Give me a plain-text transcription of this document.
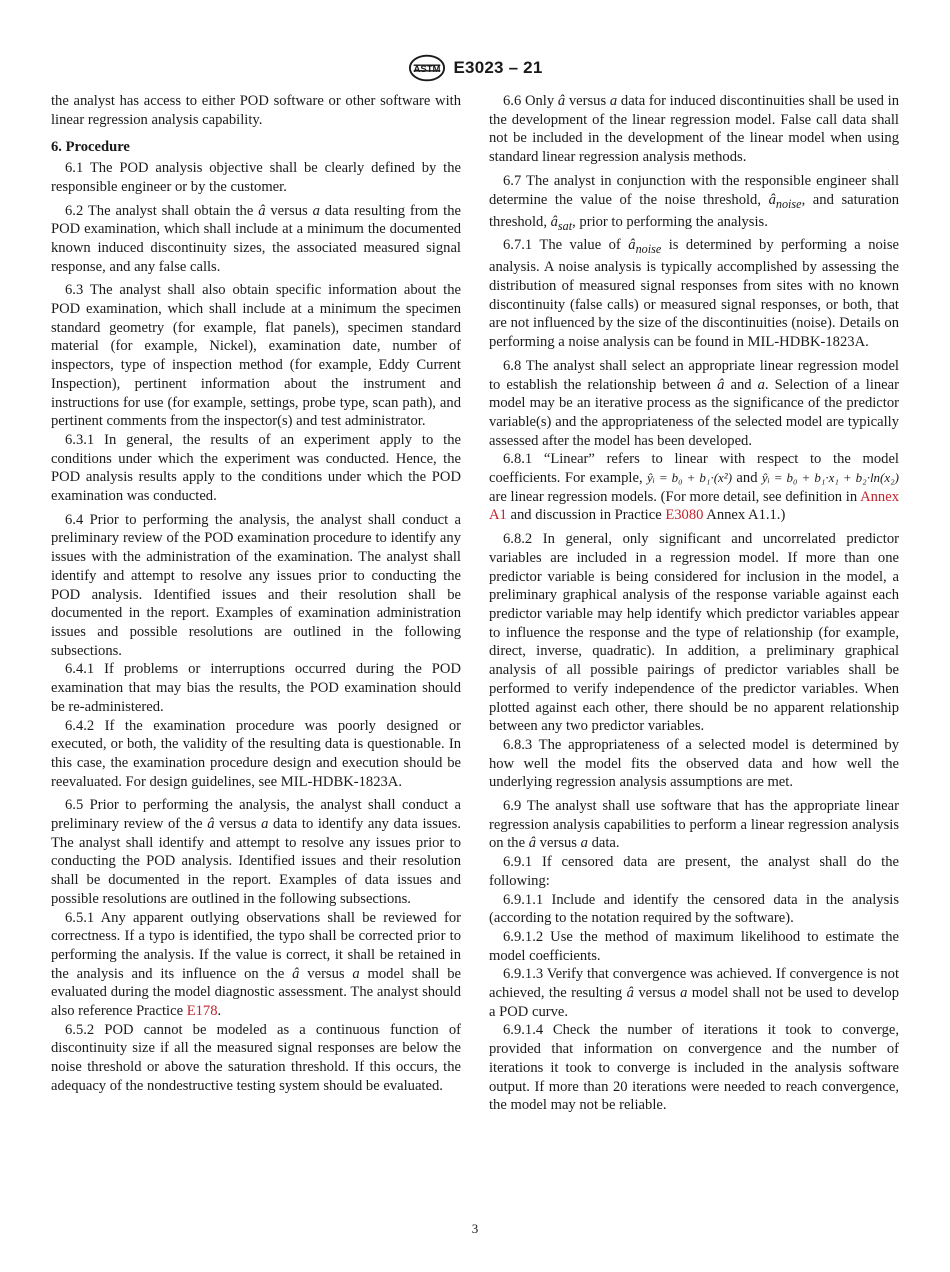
ASTM E3023 – 21

the analyst has access to either POD software or other software with linear regression analysis capability.

6. Procedure

6.1 The POD analysis objective shall be clearly defined by the responsible engineer or by the customer.

6.2 The analyst shall obtain the â versus a data resulting from the POD examination, which shall include at a minimum the documented known induced discontinuity sizes, the associated measured signal response, and any false calls.

6.3 The analyst shall also obtain specific information about the POD examination, which shall include at a minimum the specimen standard geometry (for example, flat panels), specimen standard material (for example, Nickel), examination date, number of inspectors, type of inspection method (for example, Eddy Current Inspection), pertinent information about the instrument and instructions for use (for example, settings, probe type, scan path), and pertinent comments from the inspector(s) and test administrator.

6.3.1 In general, the results of an experiment apply to the conditions under which the experiment was conducted. Hence, the POD analysis results apply to the conditions under which the POD examination was conducted.

6.4 Prior to performing the analysis, the analyst shall conduct a preliminary review of the POD examination procedure to identify any issues with the administration of the examination. The analyst shall identify and attempt to resolve any issues prior to conducting the POD analysis. Identified issues and their resolution shall be documented in the report. Examples of examination administration issues and possible resolutions are outlined in the following subsections.

6.4.1 If problems or interruptions occurred during the POD examination that may bias the results, the POD examination should be re-administered.

6.4.2 If the examination procedure was poorly designed or executed, or both, the validity of the resulting data is questionable. In this case, the examination procedure design and execution should be reevaluated. For design guidelines, see MIL-HDBK-1823A.

6.5 Prior to performing the analysis, the analyst shall conduct a preliminary review of the â versus a data to identify any data issues. The analyst shall identify and attempt to resolve any issues prior to conducting the POD analysis. Identified issues and their resolution shall be documented in the report. Examples of data issues and possible resolutions are outlined in the following subsections.

6.5.1 Any apparent outlying observations shall be reviewed for correctness. If a typo is identified, the typo shall be corrected prior to performing the analysis. If the value is correct, it shall be retained in the analysis and its influence on the â versus a model shall be evaluated during the model diagnostic assessment. The analyst should also reference Practice E178.

6.5.2 POD cannot be modeled as a continuous function of discontinuity size if all the measured signal responses are below the noise threshold or above the saturation threshold. If this occurs, the adequacy of the nondestructive testing system should be evaluated.

6.6 Only â versus a data for induced discontinuities shall be used in the development of the linear regression model. False call data shall not be included in the development of the linear model when using standard linear regression analysis methods.

6.7 The analyst in conjunction with the responsible engineer shall determine the value of the noise threshold, $â_{noise}$, and saturation threshold, $â_{sat}$, prior to performing the analysis.

6.7.1 The value of $â_{noise}$ is determined by performing a noise analysis. A noise analysis is typically accomplished by assessing the distribution of measured signal responses from sites with no known discontinuity (false calls) or measured signal responses, or both, that are not influenced by the size of the discontinuities (noise). Details on performing a noise analysis can be found in MIL-HDBK-1823A.

6.8 The analyst shall select an appropriate linear regression model to establish the relationship between â and a. Selection of a linear model may be an iterative process as the significance of the predictor variable(s) and the appropriateness of the selected model are typically assessed after the model has been developed.

6.8.1 “Linear” refers to linear with respect to the model coefficients. For example, ŷᵢ = b₀ + b₁·(x²) and ŷᵢ = b₀ + b₁·x₁ + b₂·ln(x₂) are linear regression models. (For more detail, see definition in Annex A1 and discussion in Practice E3080 Annex A1.1.)

6.8.2 In general, only significant and uncorrelated predictor variables are included in a regression model. If more than one predictor variable is being considered for inclusion in the model, a preliminary graphical analysis of the response variable against each predictor variable may help identify which predictor variables appear to influence the response and the type of relationship (for example, direct, inverse, quadratic). In addition, a preliminary graphical analysis of all possible pairings of predictor variables shall be performed to verify independence of the predictor variables. When plotted against each other, there should be no apparent relationship between any two predictor variables.

6.8.3 The appropriateness of a selected model is determined by how well the model fits the observed data and how well the underlying regression analysis assumptions are met.

6.9 The analyst shall use software that has the appropriate linear regression analysis capabilities to perform a linear regression analysis on the â versus a data.

6.9.1 If censored data are present, the analyst shall do the following:

6.9.1.1 Include and identify the censored data in the analysis (according to the notation required by the software).

6.9.1.2 Use the method of maximum likelihood to estimate the model coefficients.

6.9.1.3 Verify that convergence was achieved. If convergence is not achieved, the resulting â versus a model shall not be used to develop a POD curve.

6.9.1.4 Check the number of iterations it took to converge, provided that information on convergence and the number of iterations it took to converge is included in the analysis software output. If more than 20 iterations were needed to reach convergence, the model may not be reliable.

3
